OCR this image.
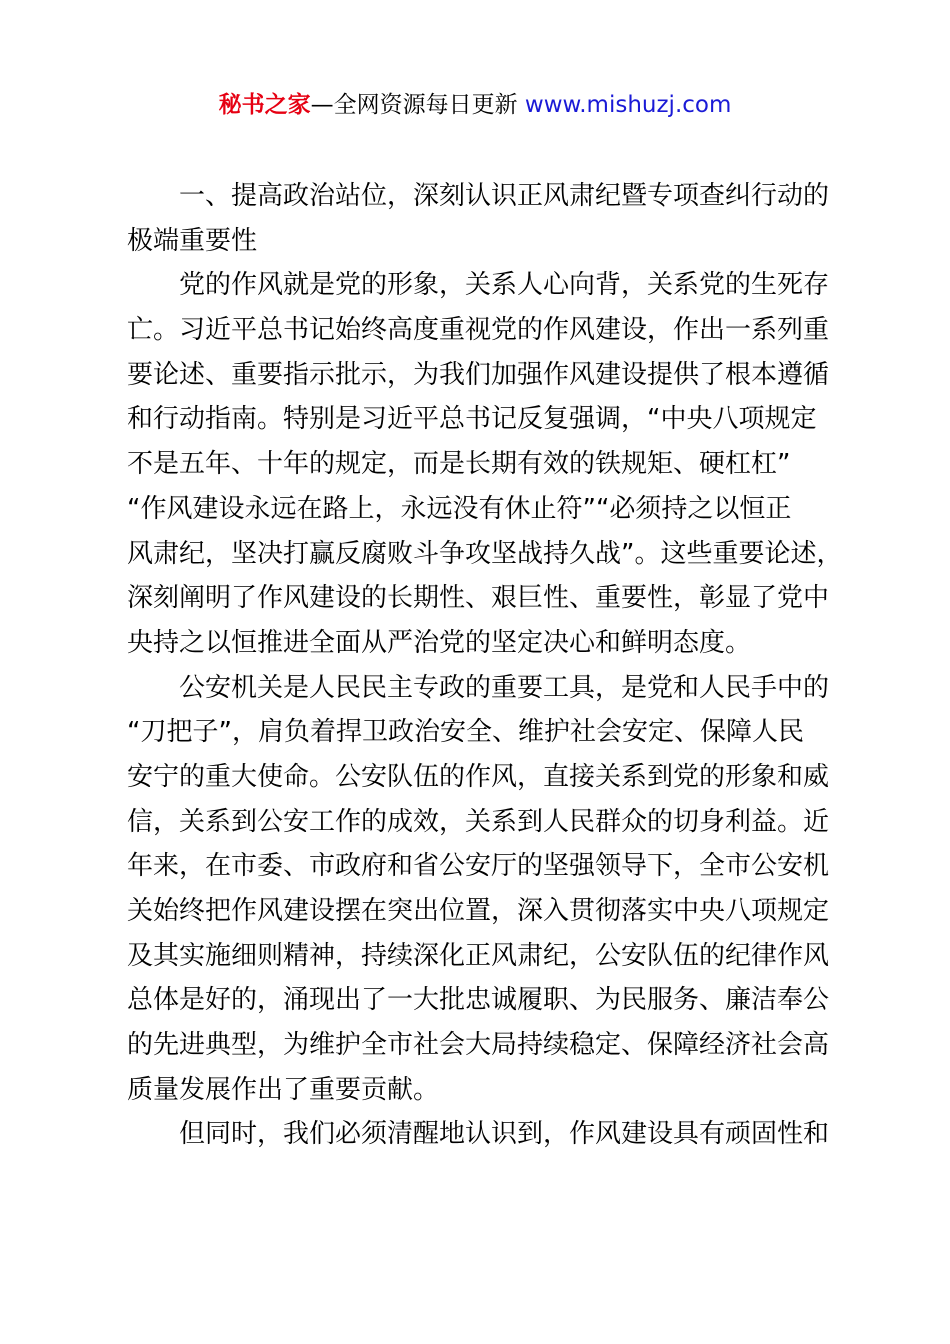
秘书之家—全网资源每日更新 www.mishuzj.com
一、提高政治站位，深刻认识正风肃纪暨专项查纠行动的
极端重要性
党的作风就是党的形象，关系人心向背，关系党的生死存
亡。习近平总书记始终高度重视党的作风建设，作出一系列重
要论述、重要指示批示，为我们加强作风建设提供了根本遵循
和行动指南。特别是习近平总书记反复强调，“中央八项规定
不是五年、十年的规定，而是长期有效的铁规矩、硬杠杠”
“作风建设永远在路上，永远没有休止符”“必须持之以恒正
风肃纪，坚决打赢反腐败斗争攻坚战持久战”。这些重要论述，
深刻阐明了作风建设的长期性、艰巨性、重要性，彰显了党中
央持之以恒推进全面从严治党的坚定决心和鲜明态度。
公安机关是人民民主专政的重要工具，是党和人民手中的
“刀把子”，肩负着捍卫政治安全、维护社会安定、保障人民
安宁的重大使命。公安队伍的作风，直接关系到党的形象和威
信，关系到公安工作的成效，关系到人民群众的切身利益。近
年来，在市委、市政府和省公安厅的坚强领导下，全市公安机
关始终把作风建设摆在突出位置，深入贯彻落实中央八项规定
及其实施细则精神，持续深化正风肃纪，公安队伍的纪律作风
总体是好的，涌现出了一大批忠诚履职、为民服务、廉洁奉公
的先进典型，为维护全市社会大局持续稳定、保障经济社会高
质量发展作出了重要贡献。
但同时，我们必须清醒地认识到，作风建设具有顽固性和
